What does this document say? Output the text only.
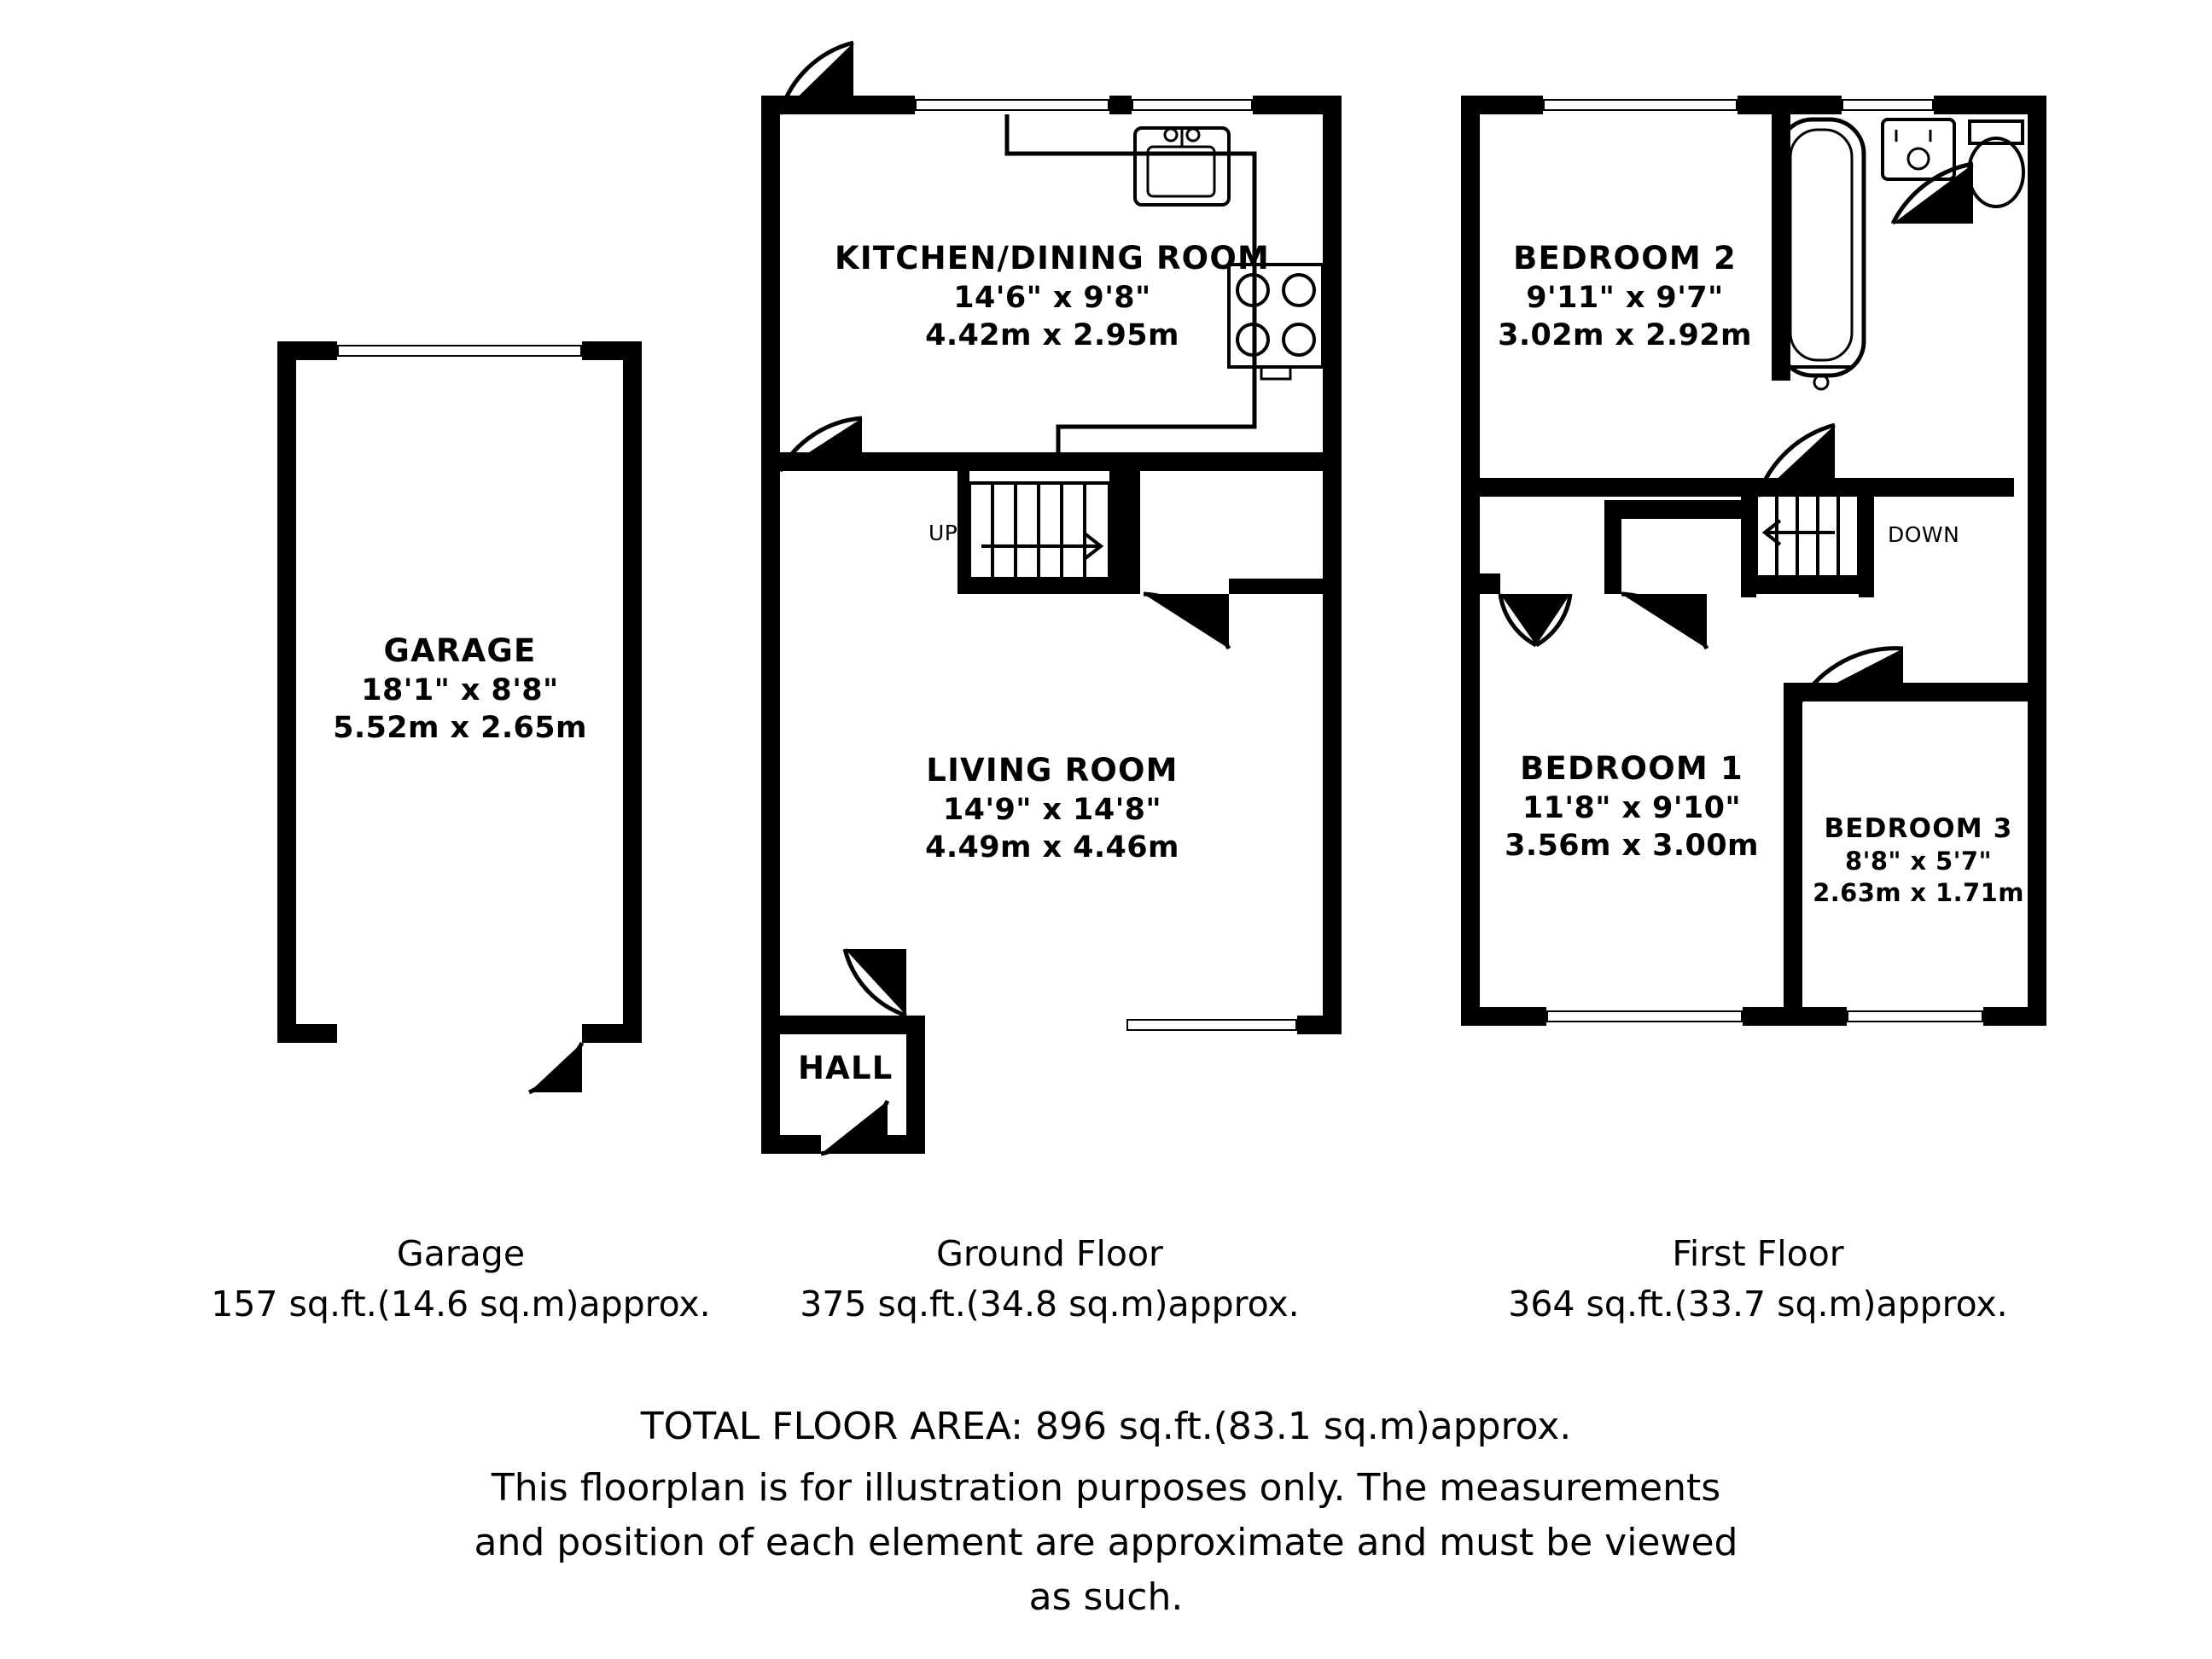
GARAGE
18'1" x 8'8"
5.52m x 2.65m
KITCHEN/DINING ROOM
14'6" x 9'8"
4.42m x 2.95m
LIVING ROOM
14'9" x 14'8"
4.49m x 4.46m
HALL
UP
BEDROOM 2
9'11" x 9'7"
3.02m x 2.92m
BEDROOM 1
11'8" x 9'10"
3.56m x 3.00m	BEDROOM 3
8'8" x 5'7"
2.63m x 1.71m
DOWN
Garage
157 sq.ft.(14.6 sq.m)approx.
Ground Floor
375 sq.ft.(34.8 sq.m)approx.
First Floor
364 sq.ft.(33.7 sq.m)approx.
TOTAL FLOOR AREA: 896 sq.ft.(83.1 sq.m)approx.
This floorplan is for illustration purposes only. The measurements
and position of each element are approximate and must be viewed
as such.
